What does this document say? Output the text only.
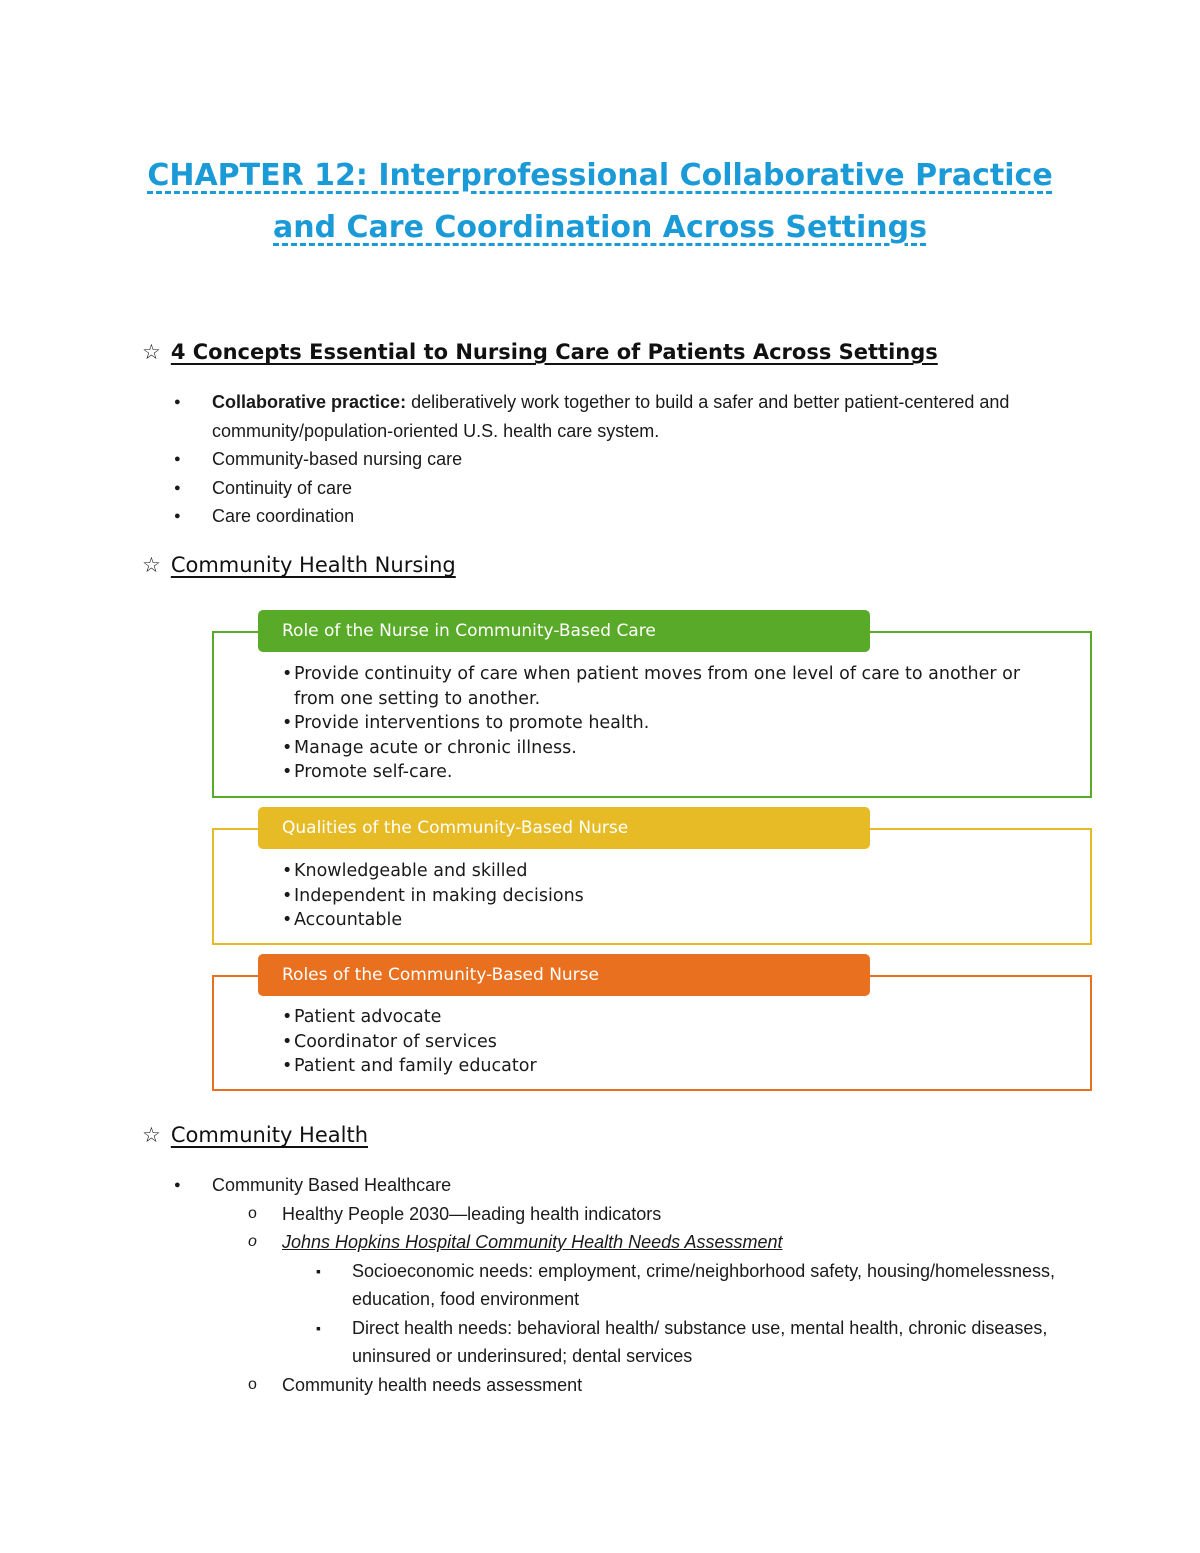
CHAPTER 12: Interprofessional Collaborative Practice
and Care Coordination Across Settings
☆ 4 Concepts Essential to Nursing Care of Patients Across Settings
● Collaborative practice: deliberatively work together to build a safer and better patient-centered and community/population-oriented U.S. health care system.
● Community-based nursing care
● Continuity of care
● Care coordination
☆ Community Health Nursing
Role of the Nurse in Community-Based Care
• Provide continuity of care when patient moves from one level of care to another or from one setting to another.
• Provide interventions to promote health.
• Manage acute or chronic illness.
• Promote self-care.
Qualities of the Community-Based Nurse
• Knowledgeable and skilled
• Independent in making decisions
• Accountable
Roles of the Community-Based Nurse
• Patient advocate
• Coordinator of services
• Patient and family educator
☆ Community Health
● Community Based Healthcare
o Healthy People 2030—leading health indicators
o Johns Hopkins Hospital Community Health Needs Assessment
▪ Socioeconomic needs: employment, crime/neighborhood safety, housing/homelessness, education, food environment
▪ Direct health needs: behavioral health/ substance use, mental health, chronic diseases, uninsured or underinsured; dental services
o Community health needs assessment
